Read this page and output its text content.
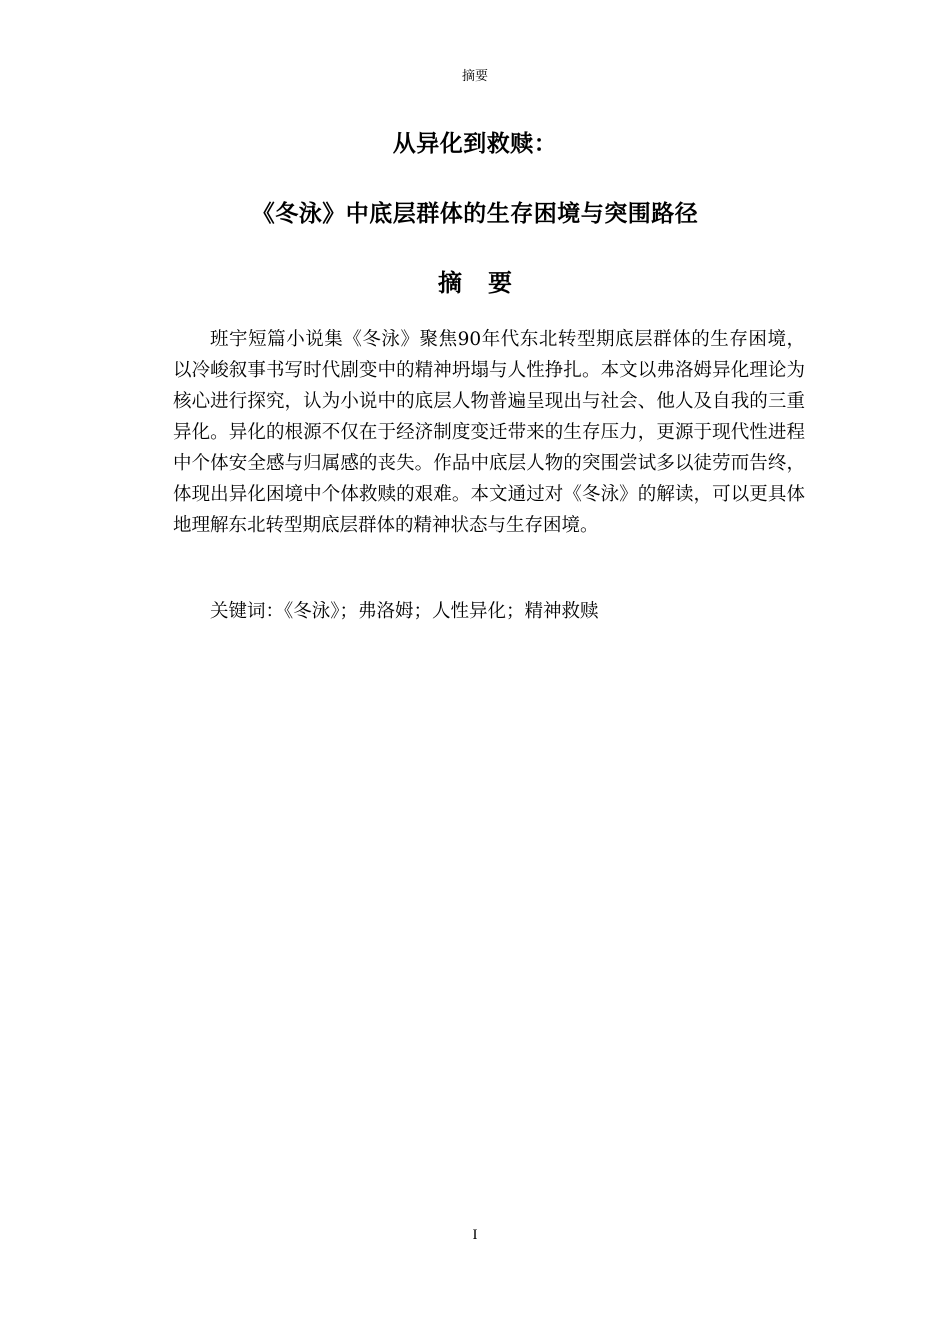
摘要
从异化到救赎：
《冬泳》中底层群体的生存困境与突围路径
摘要

班宇短篇小说集《冬泳》聚焦90年代东北转型期底层群体的生存困境，以冷峻叙事书写时代剧变中的精神坍塌与人性挣扎。本文以弗洛姆异化理论为核心进行探究，认为小说中的底层人物普遍呈现出与社会、他人及自我的三重异化。异化的根源不仅在于经济制度变迁带来的生存压力，更源于现代性进程中个体安全感与归属感的丧失。作品中底层人物的突围尝试多以徒劳而告终，体现出异化困境中个体救赎的艰难。本文通过对《冬泳》的解读，可以更具体地理解东北转型期底层群体的精神状态与生存困境。

关键词：《冬泳》；弗洛姆；人性异化；精神救赎

I
